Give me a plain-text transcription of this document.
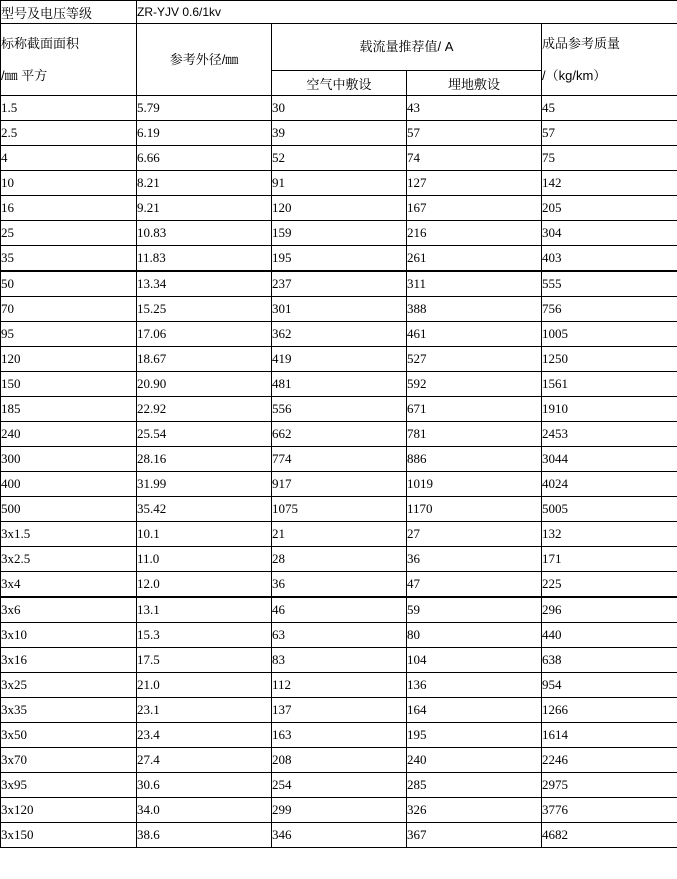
型号及电压等级	ZR-YJV 0.6/1kv			

标称截面面积
/㎜ 平方	参考外径/㎜	载流量推荐值/ A		成品参考质量
/（kg/km）

		空气中敷设	埋地敷设	
1.5	5.79	30	43	45
2.5	6.19	39	57	57
4	6.66	52	74	75
10	8.21	91	127	142
16	9.21	120	167	205
25	10.83	159	216	304
35	11.83	195	261	403
50	13.34	237	311	555
70	15.25	301	388	756
95	17.06	362	461	1005
120	18.67	419	527	1250
150	20.90	481	592	1561
185	22.92	556	671	1910
240	25.54	662	781	2453
300	28.16	774	886	3044
400	31.99	917	1019	4024
500	35.42	1075	1170	5005
3x1.5	10.1	21	27	132
3x2.5	11.0	28	36	171
3x4	12.0	36	47	225
3x6	13.1	46	59	296
3x10	15.3	63	80	440
3x16	17.5	83	104	638
3x25	21.0	112	136	954
3x35	23.1	137	164	1266
3x50	23.4	163	195	1614
3x70	27.4	208	240	2246
3x95	30.6	254	285	2975
3x120	34.0	299	326	3776
3x150	38.6	346	367	4682
